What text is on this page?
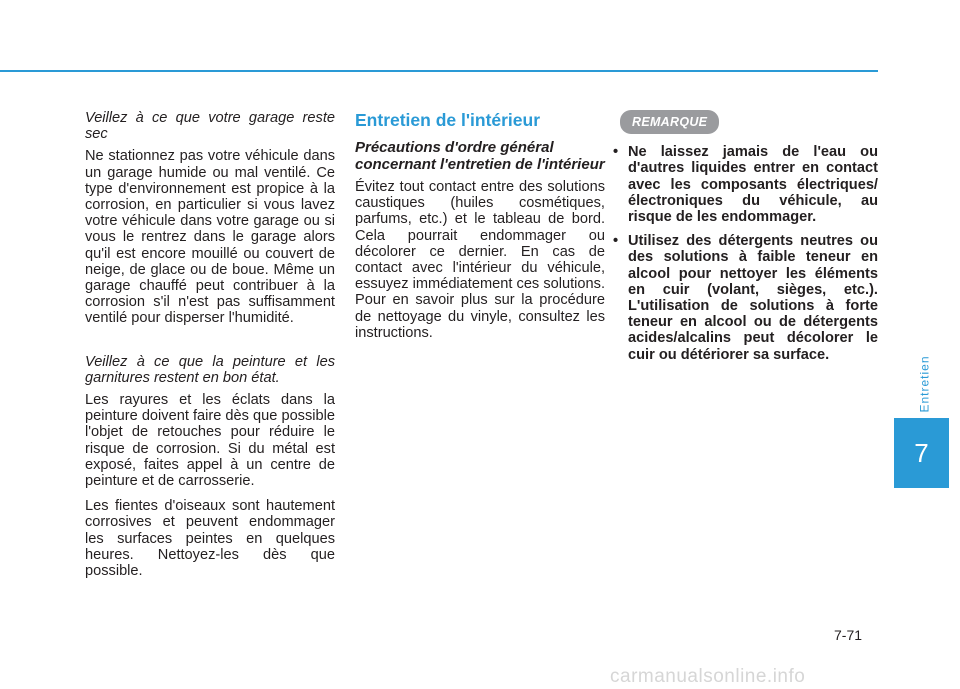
Veillez à ce que votre garage reste sec

Ne stationnez pas votre véhicule dans un garage humide ou mal ventilé. Ce type d'environnement est propice à la corrosion, en particulier si vous lavez votre véhicule dans votre garage ou si vous le rentrez dans le garage alors qu'il est encore mouillé ou couvert de neige, de glace ou de boue. Même un garage chauffé peut contribuer à la corrosion s'il n'est pas suffisamment ventilé pour disperser l'humidité.

Veillez à ce que la peinture et les garnitures restent en bon état.

Les rayures et les éclats dans la peinture doivent faire dès que possible l'objet de retouches pour réduire le risque de corrosion. Si du métal est exposé, faites appel à un centre de peinture et de carrosserie.

Les fientes d'oiseaux sont hautement corrosives et peuvent endommager les surfaces peintes en quelques heures. Nettoyez-les dès que possible.

Entretien de l'intérieur
Précautions d'ordre général concernant l'entretien de l'intérieur

Évitez tout contact entre des solutions caustiques (huiles cosmétiques, parfums, etc.) et le tableau de bord. Cela pourrait endommager ou décolorer ce dernier. En cas de contact avec l'intérieur du véhicule, essuyez immédiatement ces solutions. Pour en savoir plus sur la procédure de nettoyage du vinyle, consultez les instructions.

REMARQUE
• Ne laissez jamais de l'eau ou d'autres liquides entrer en contact avec les composants électriques/électroniques du véhicule, au risque de les endommager.
• Utilisez des détergents neutres ou des solutions à faible teneur en alcool pour nettoyer les éléments en cuir (volant, sièges, etc.). L'utilisation de solutions à forte teneur en alcool ou de détergents acides/alcalins peut décolorer le cuir ou détériorer sa surface.
Entretien
7
7-71
carmanualsonline.info
